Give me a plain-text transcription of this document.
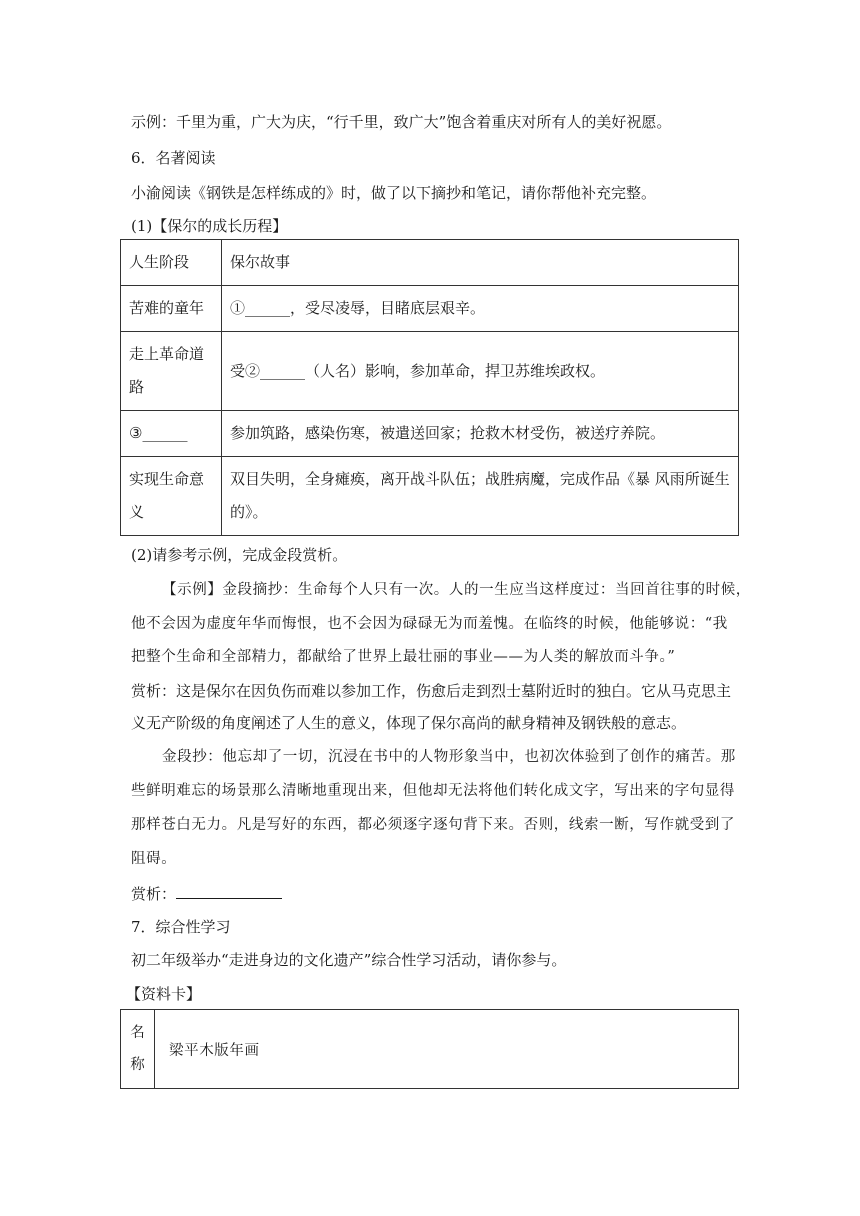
示例：千里为重，广大为庆，“行千里，致广大”饱含着重庆对所有人的美好祝愿。
6．名著阅读
小渝阅读《钢铁是怎样练成的》时，做了以下摘抄和笔记，请你帮他补充完整。
(1)【保尔的成长历程】
人生阶段	保尔故事
苦难的童年	①______，受尽凌辱，目睹底层艰辛。
走上革命道路	受②______（人名）影响，参加革命，捍卫苏维埃政权。
③______	参加筑路，感染伤寒，被遣送回家；抢救木材受伤，被送疗养院。
实现生命意义	双目失明，全身瘫痪，离开战斗队伍；战胜病魔，完成作品《暴 风雨所诞生的》。
(2)请参考示例，完成金段赏析。
【示例】金段摘抄：生命每个人只有一次。人的一生应当这样度过：当回首往事的时候，
他不会因为虚度年华而悔恨，也不会因为碌碌无为而羞愧。在临终的时候，他能够说：“我
把整个生命和全部精力，都献给了世界上最壮丽的事业——为人类的解放而斗争。”
赏析：这是保尔在因负伤而难以参加工作，伤愈后走到烈士墓附近时的独白。它从马克思主
义无产阶级的角度阐述了人生的意义，体现了保尔高尚的献身精神及钢铁般的意志。
金段抄：他忘却了一切，沉浸在书中的人物形象当中，也初次体验到了创作的痛苦。那
些鲜明难忘的场景那么清晰地重现出来，但他却无法将他们转化成文字，写出来的字句显得
那样苍白无力。凡是写好的东西，都必须逐字逐句背下来。否则，线索一断，写作就受到了
阻碍。
赏析：
7．综合性学习
初二年级举办“走进身边的文化遗产”综合性学习活动，请你参与。
【资料卡】
名
称
	梁平木版年画
